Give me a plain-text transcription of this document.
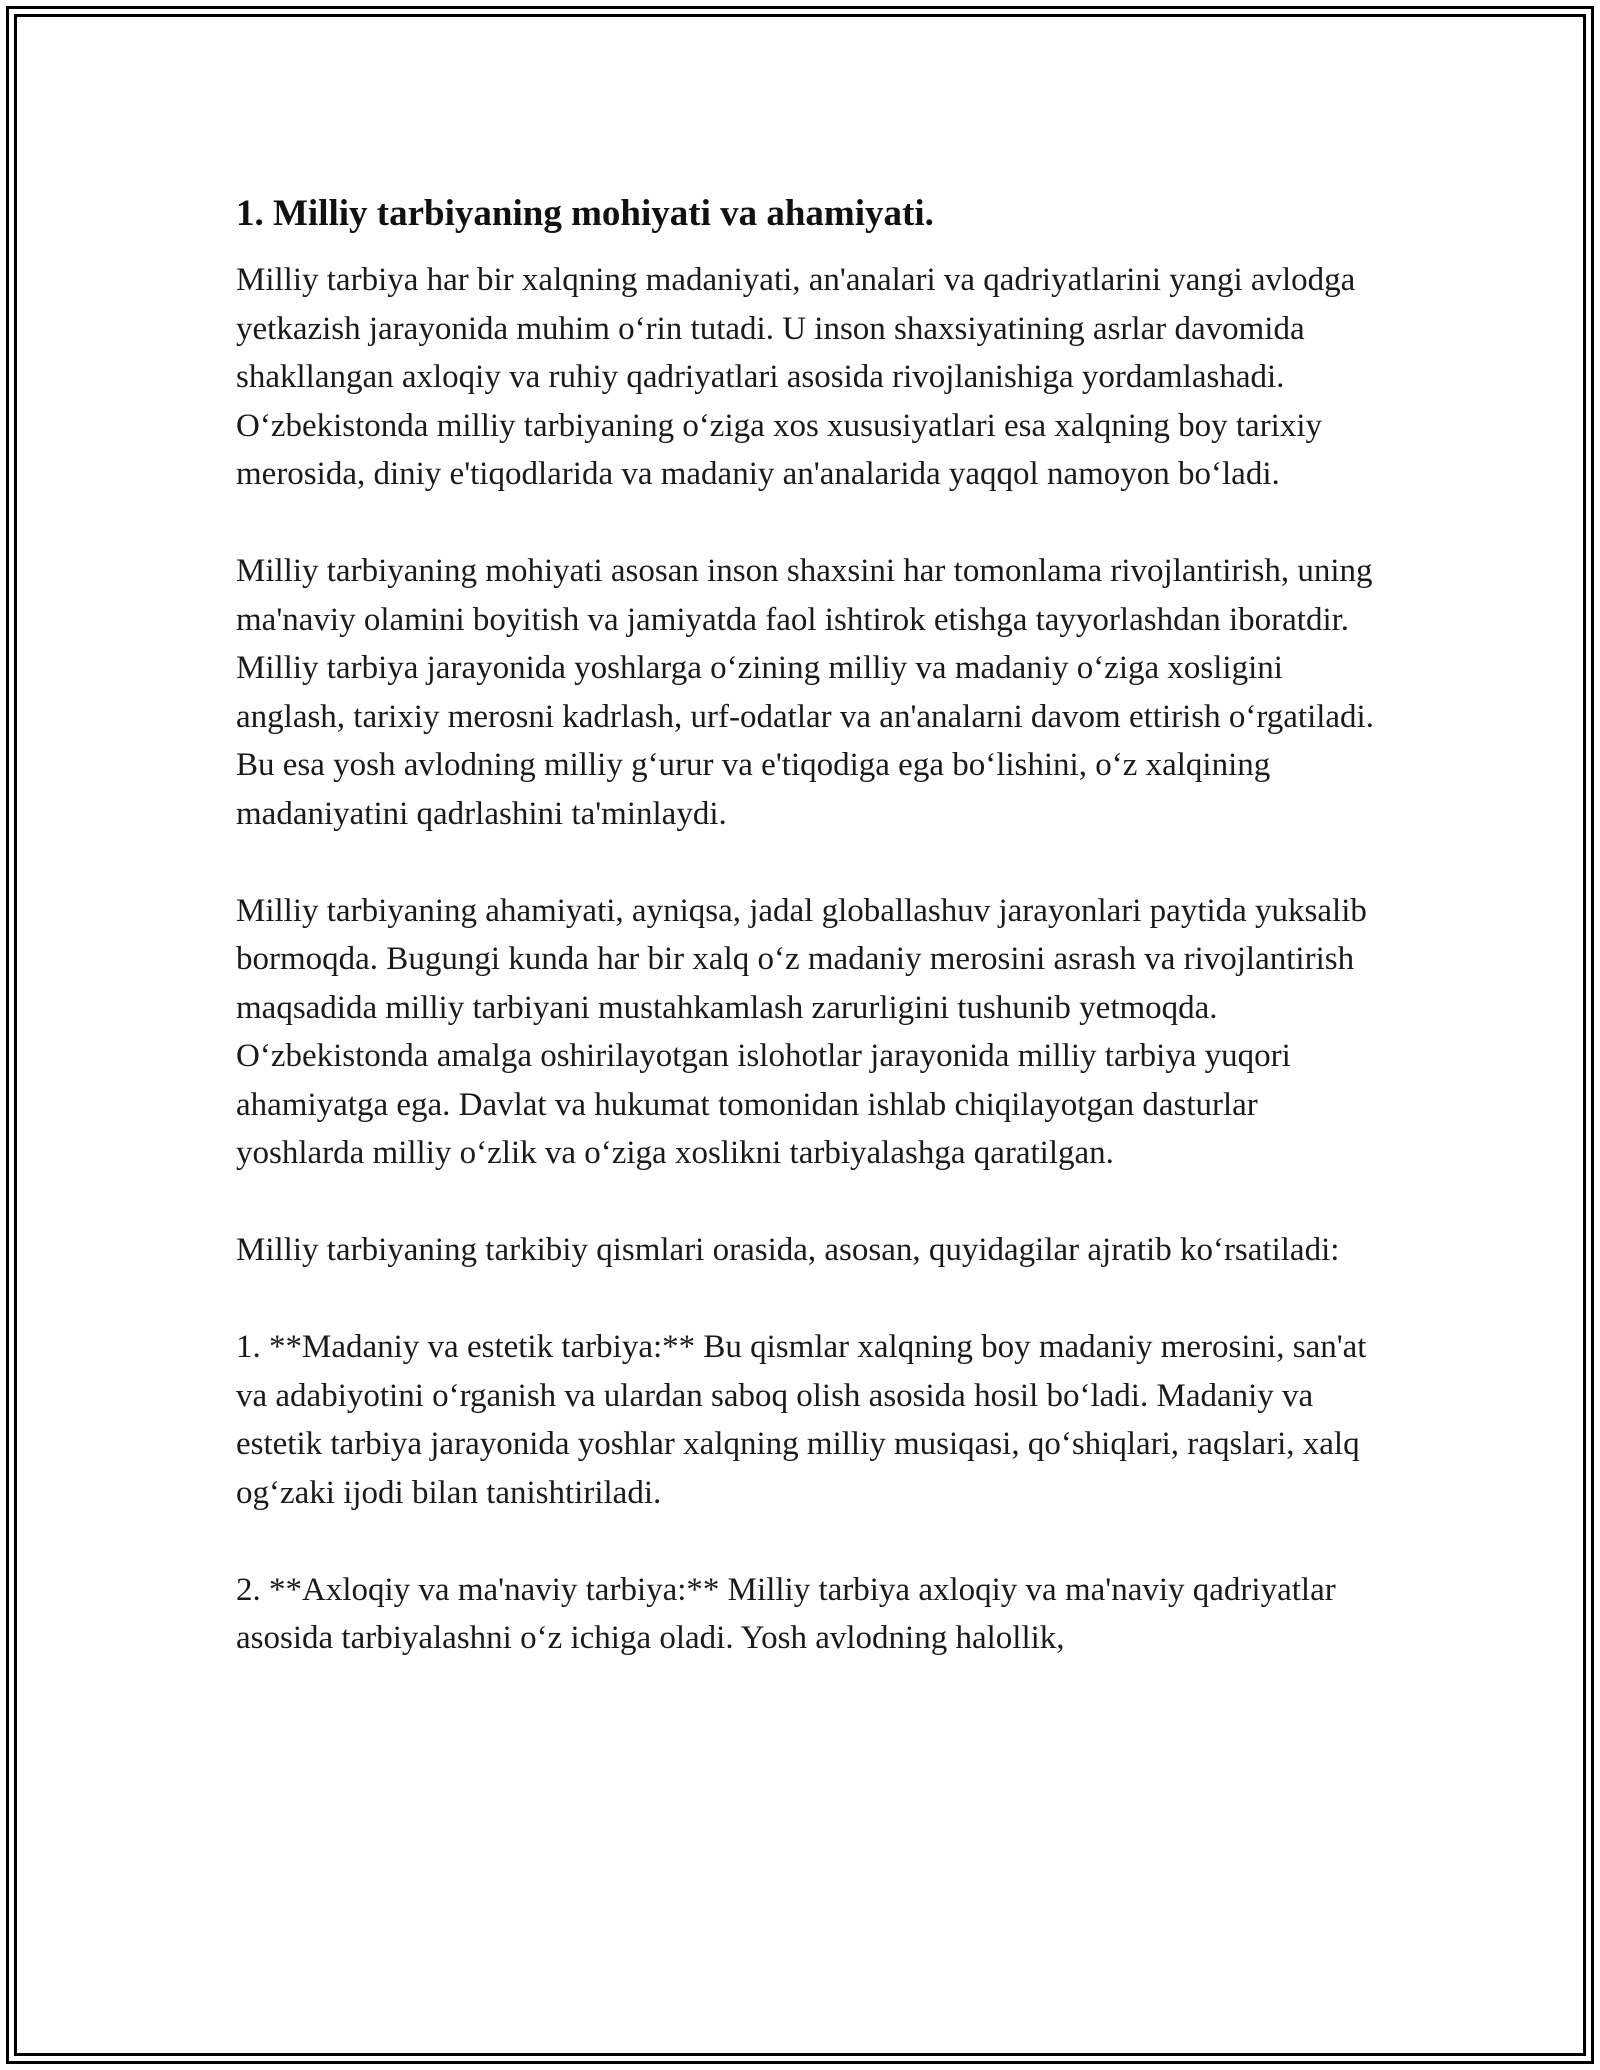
1. Milliy tarbiyaning mohiyati va ahamiyati.

Milliy tarbiya har bir xalqning madaniyati, an'analari va qadriyatlarini yangi avlodga yetkazish jarayonida muhim o‘rin tutadi. U inson shaxsiyatining asrlar davomida shakllangan axloqiy va ruhiy qadriyatlari asosida rivojlanishiga yordamlashadi. O‘zbekistonda milliy tarbiyaning o‘ziga xos xususiyatlari esa xalqning boy tarixiy merosida, diniy e'tiqodlarida va madaniy an'analarida yaqqol namoyon bo‘ladi.

Milliy tarbiyaning mohiyati asosan inson shaxsini har tomonlama rivojlantirish, uning ma'naviy olamini boyitish va jamiyatda faol ishtirok etishga tayyorlashdan iboratdir. Milliy tarbiya jarayonida yoshlarga o‘zining milliy va madaniy o‘ziga xosligini anglash, tarixiy merosni kadrlash, urf-odatlar va an'analarni davom ettirish o‘rgatiladi. Bu esa yosh avlodning milliy g‘urur va e'tiqodiga ega bo‘lishini, o‘z xalqining madaniyatini qadrlashini ta'minlaydi.

Milliy tarbiyaning ahamiyati, ayniqsa, jadal globallashuv jarayonlari paytida yuksalib bormoqda. Bugungi kunda har bir xalq o‘z madaniy merosini asrash va rivojlantirish maqsadida milliy tarbiyani mustahkamlash zarurligini tushunib yetmoqda. O‘zbekistonda amalga oshirilayotgan islohotlar jarayonida milliy tarbiya yuqori ahamiyatga ega. Davlat va hukumat tomonidan ishlab chiqilayotgan dasturlar yoshlarda milliy o‘zlik va o‘ziga xoslikni tarbiyalashga qaratilgan.

Milliy tarbiyaning tarkibiy qismlari orasida, asosan, quyidagilar ajratib ko‘rsatiladi:

1. **Madaniy va estetik tarbiya:** Bu qismlar xalqning boy madaniy merosini, san'at va adabiyotini o‘rganish va ulardan saboq olish asosida hosil bo‘ladi. Madaniy va estetik tarbiya jarayonida yoshlar xalqning milliy musiqasi, qo‘shiqlari, raqslari, xalq og‘zaki ijodi bilan tanishtiriladi.

2. **Axloqiy va ma'naviy tarbiya:** Milliy tarbiya axloqiy va ma'naviy qadriyatlar asosida tarbiyalashni o‘z ichiga oladi. Yosh avlodning halollik,
